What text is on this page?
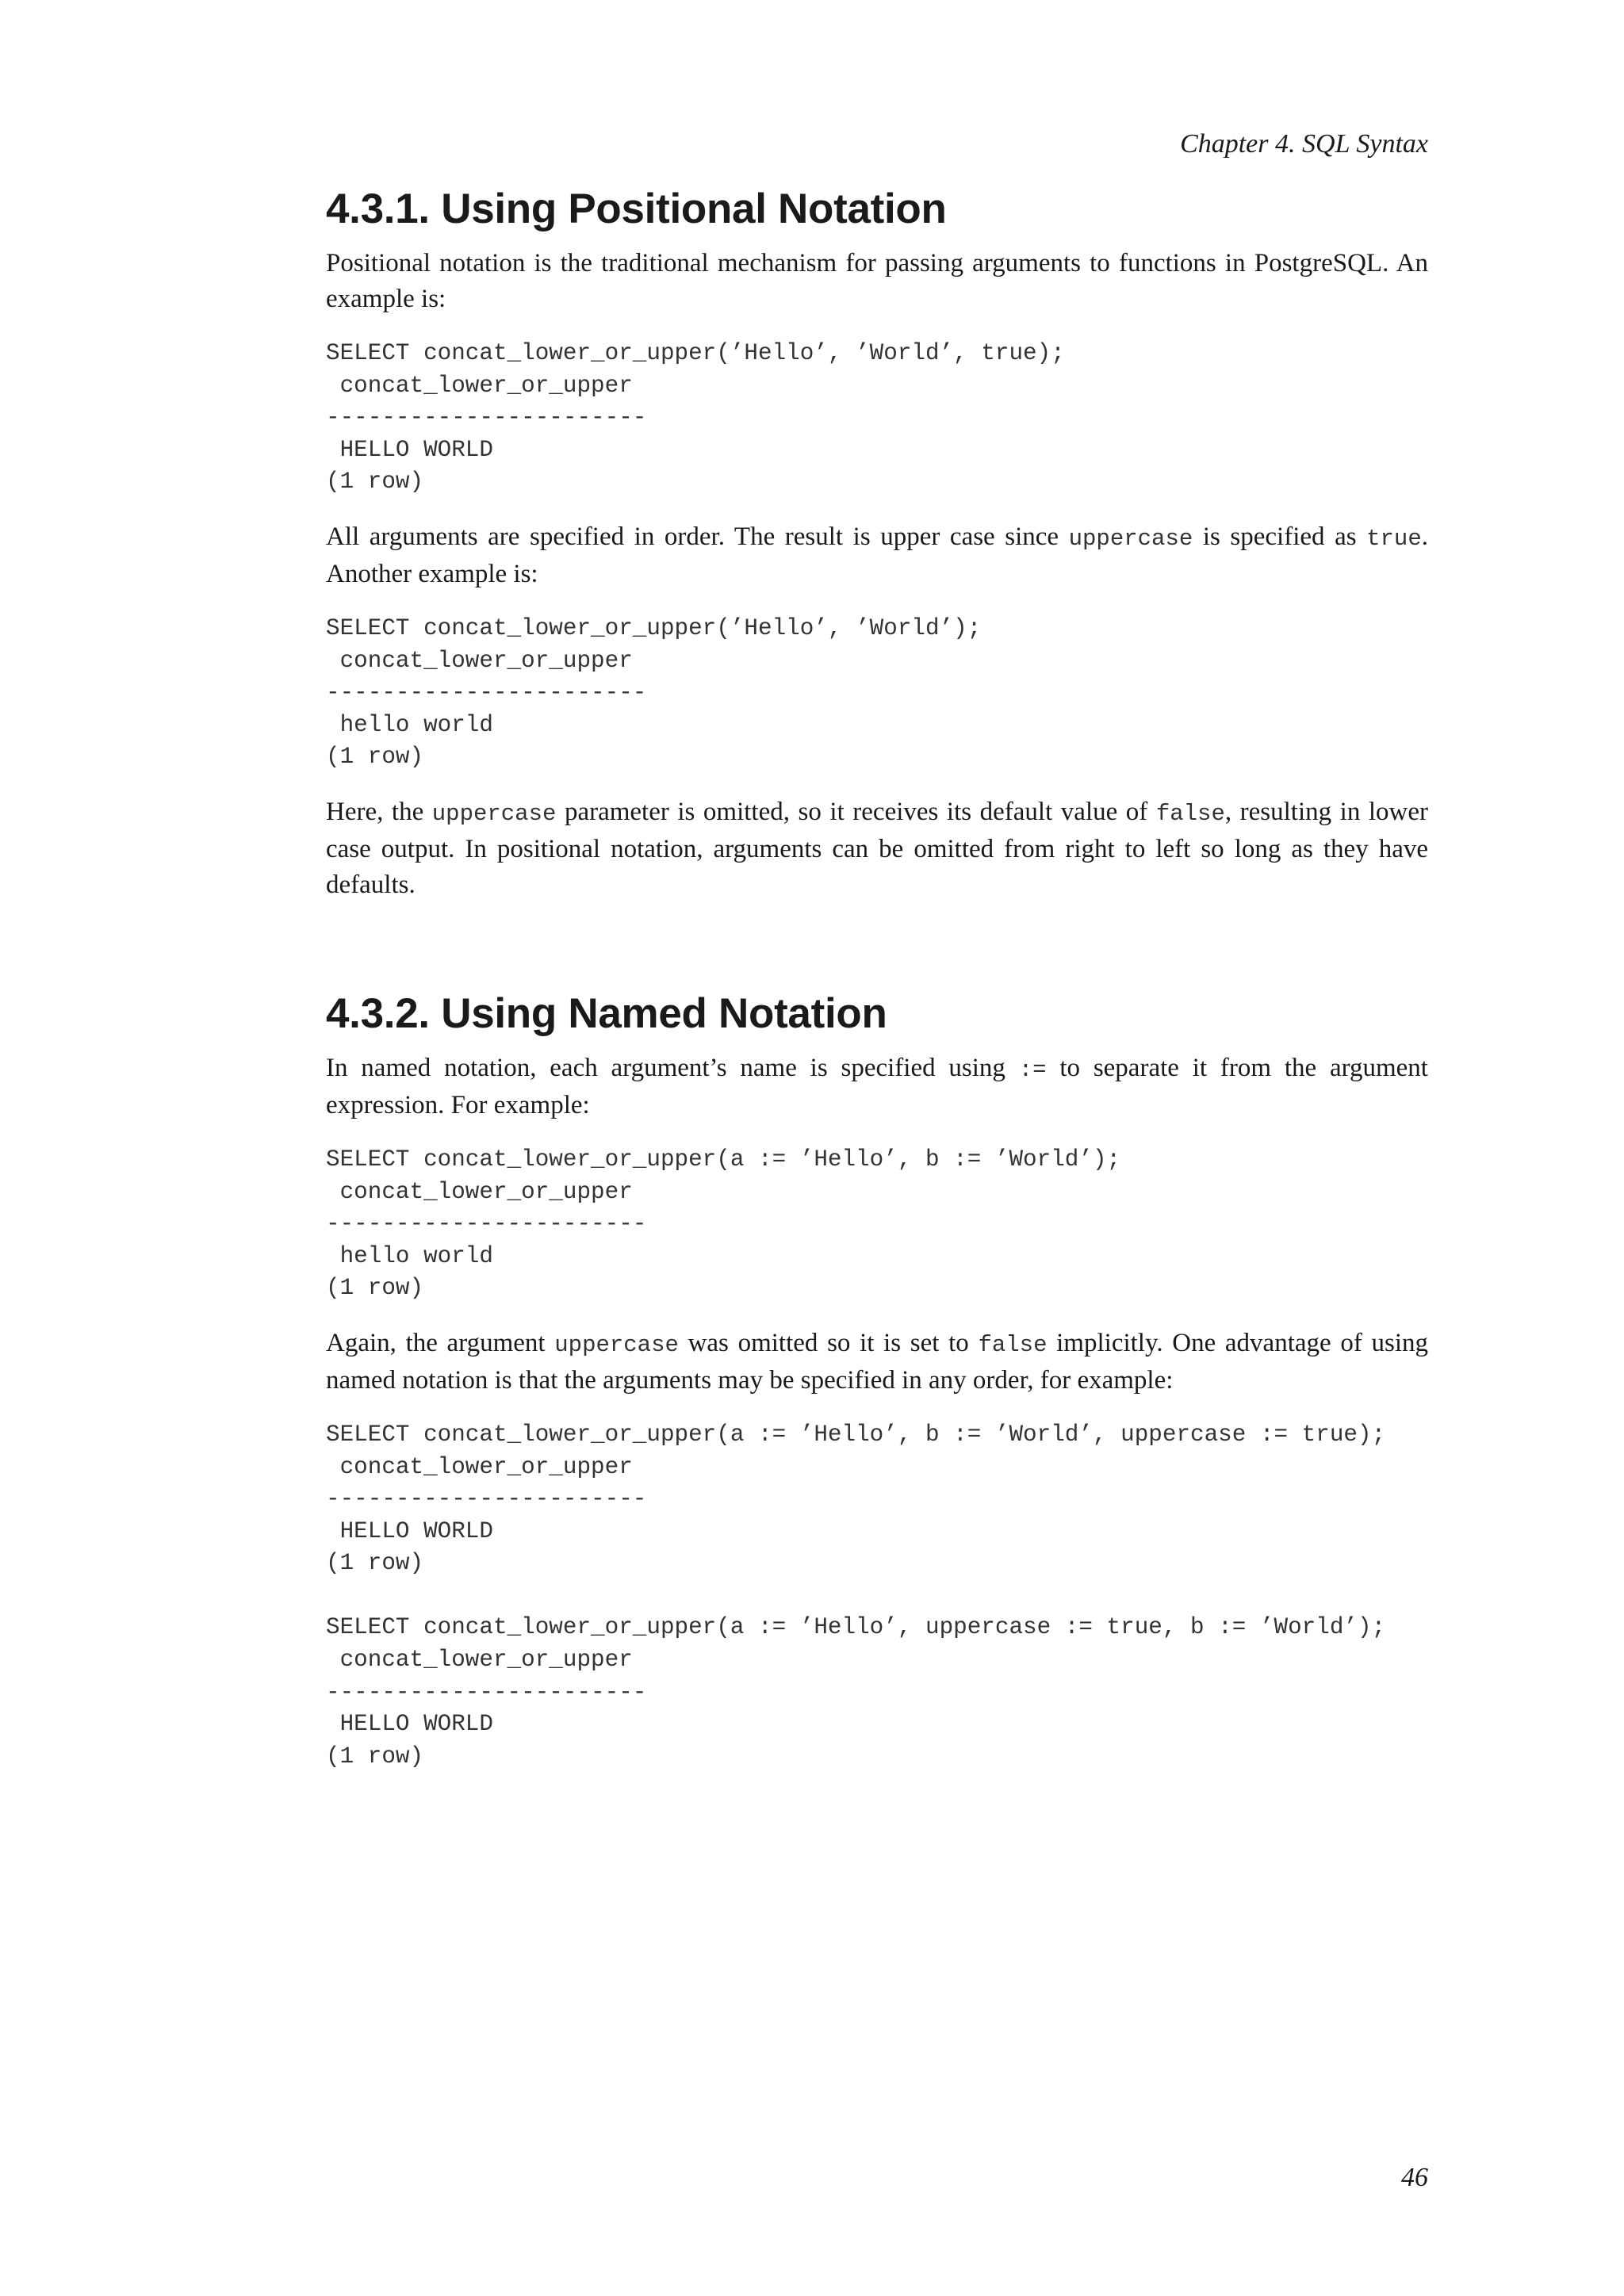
Chapter 4. SQL Syntax
4.3.1. Using Positional Notation

Positional notation is the traditional mechanism for passing arguments to functions in PostgreSQL. An example is:

SELECT concat_lower_or_upper(’Hello’, ’World’, true);
concat_lower_or_upper
-----------------------
HELLO WORLD
(1 row)

All arguments are specified in order. The result is upper case since uppercase is specified as true. Another example is:

SELECT concat_lower_or_upper(’Hello’, ’World’);
concat_lower_or_upper
-----------------------
hello world
(1 row)

Here, the uppercase parameter is omitted, so it receives its default value of false, resulting in lower case output. In positional notation, arguments can be omitted from right to left so long as they have defaults.

4.3.2. Using Named Notation

In named notation, each argument’s name is specified using := to separate it from the argument expression. For example:

SELECT concat_lower_or_upper(a := ’Hello’, b := ’World’);
concat_lower_or_upper
-----------------------
hello world
(1 row)

Again, the argument uppercase was omitted so it is set to false implicitly. One advantage of using named notation is that the arguments may be specified in any order, for example:

SELECT concat_lower_or_upper(a := ’Hello’, b := ’World’, uppercase := true);
concat_lower_or_upper
-----------------------
HELLO WORLD
(1 row)

SELECT concat_lower_or_upper(a := ’Hello’, uppercase := true, b := ’World’);
concat_lower_or_upper
-----------------------
HELLO WORLD
(1 row)
46
